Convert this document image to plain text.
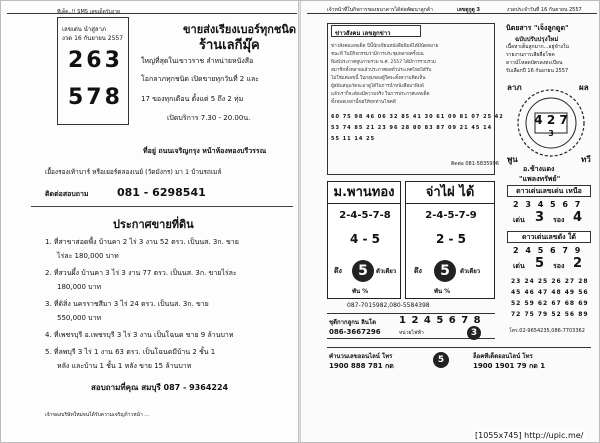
ทีเด็ด..!! SMS เลขเด็ดรับงาย
เลขเด่น นำสู่ลาภ
งวด 16 กันยายน 2557
263
578
ขายส่งเรียงเบอร์ทุกชนิด
ร้านเลกีมุ๊ค
ใหญ่ที่สุดในเขาวราช ลำหน่ายหนังสือ
โอกลาภทุกชนิด เปิดขายทุกวันที่ 2 และ
17 ของทุกเดือน ตั้งแต่ 5 ถึง 2 ทุ่ม
เปิดบริการ 7.30 - 20.00น.
ที่อยู่ ถนนเจริญกรุง หน้าห้องทองบรีวรรณ
เยื้องรองเท้าบาร์ หรือเยอร์ตลองเนย์ (วัดมังกร) มา 1 บ้านรถเมล์
ติดต่อสอบถาม	081 - 6298541
ประกาศขายที่ดิน
1. ที่สาขาสอดพื้ง บ้านคา 2 ไร่ 3 งาน 52 ตรว. เป็นนส. 3ก. ขาย
ไร่ละ 180,000 บาท
2. ที่สวนผึ้ง บ้านคา 3 ไร่ 3 งาน 77 ตรว. เป็นนส. 3ก. ขายไร่ละ
180,000 บาท
3. ที่ดิสิ่ง นครราชสีมา 3 ไร่ 24 ตรว. เป็นนส. 3ก. ขาย
550,000 บาท
4. ที่เพชรบุรี อ.เพชรบุรี 3 ไร่ 3 งาน เป็นโฉนด ขาย 9 ล้านบาท
5. ที่ลพบุรี 3 ไร่ 1 งาน 63 ตรว. เป็นโฉนดมีบ้าน 2 ชั้น 1
หลัง และบ้าน 1 ชั้น 1 หลัง ขาย 15 ล้านบาท
สอบถามที่คุณ สมบุรี 087 - 9364224
เจ้าของบริษัทใหม่จนได้รับความเจริญก้าวหน้า ...
เจ้าหน้าที่ในกิจการของธนาคารได้ต่อพัฒนาลูกค้า	เลขดูกูดู 3	งวดประจำวันที่ 16 กันยายน 2557
ข่าวสังคม เลขลูกข่าว
ข่าวสังคมเลขเด็ด ปีนี้นักเขียนหนังสือพิมพ์ได้มีนัดหมาย
ชนะที่ ในปีกิจกรรมว่ามีการประชุมหลายครั้งบน
พิมพ์ประกาศสูบภาพรวม พ.ศ. 2557 ได้มีการรวบรวม
สมาชิกทั้งหลายแล้วประกาศผลทั่วประเทศไทยได้รับ
ไม่ใช่แค่เลขนี้ ในกลุ่มของผู้ใดจะตั้งความคิดเห็น
ผู้สนับสนุนวัดจะมาดูได้ในการนำหนังสือมาพิมพ์
แล้วเราก็จะต้องมีความจริง ในการประกาศเลขเด็ด
ทั้งหมดเหล่านี้ขอให้ทุกท่านโชคดี
60 75 98 46 06 32 85 41 30 61 09 81 07 25 42
53 74 85 21 23 96 28 80 83 87 09 21 45 14
55 11 14 25
ติดต่อ 081-5835996
ม.พานทอง
2-4-5-7-8
4 - 5
ดึง	5	ตัวเดียว
พัน %
จ่าไผ่ ได้
2-4-5-7-9
2 - 5
ดึง	5	ตัวเดียว
พัน %
087-7015982,080-5584398
ชุดีกากลูกน ลินโต 1 2 4 5 6 7 8
086-3667296	หน่วยไฟฟ้า	3
นิตยสาร "เจ็งลูกดูด"
ฉบับปรับปรุงใหม่
เนื้อหาเต็มลูกมาก...อยู่ข้างใน
รายงานการเสียสื่อโชค
ดาวน์โหลดบัตรลงทะเบียน
รับเลือกปี 16 กันยายน 2557
ลาภ	ผล
4 2 7
3
พูน	ทวี
อ.ช้างแดง
"แพลงทรัพย์"
ดาวเด่นเลขเด่น เหนือ
2 3 4 5 6 7
เด่น 3 รอง 4
ดาวเด่นเลขดัง ใต้
2 4 5 6 7 9
เด่น 5 รอง 2
23 24 25 26 27 28
45 46 47 48 49 56
52 59 62 67 68 69
72 75 79 52 56 89
โทร.02-9654235,086-7703362
คำนวนเลขออนไลน์ โทร
1900 888 781 กด
5	ล็อคทีเด็ดออนไลน์ โทร
1900 1901 79 กด 1
[1055x745] http://upic.me/
